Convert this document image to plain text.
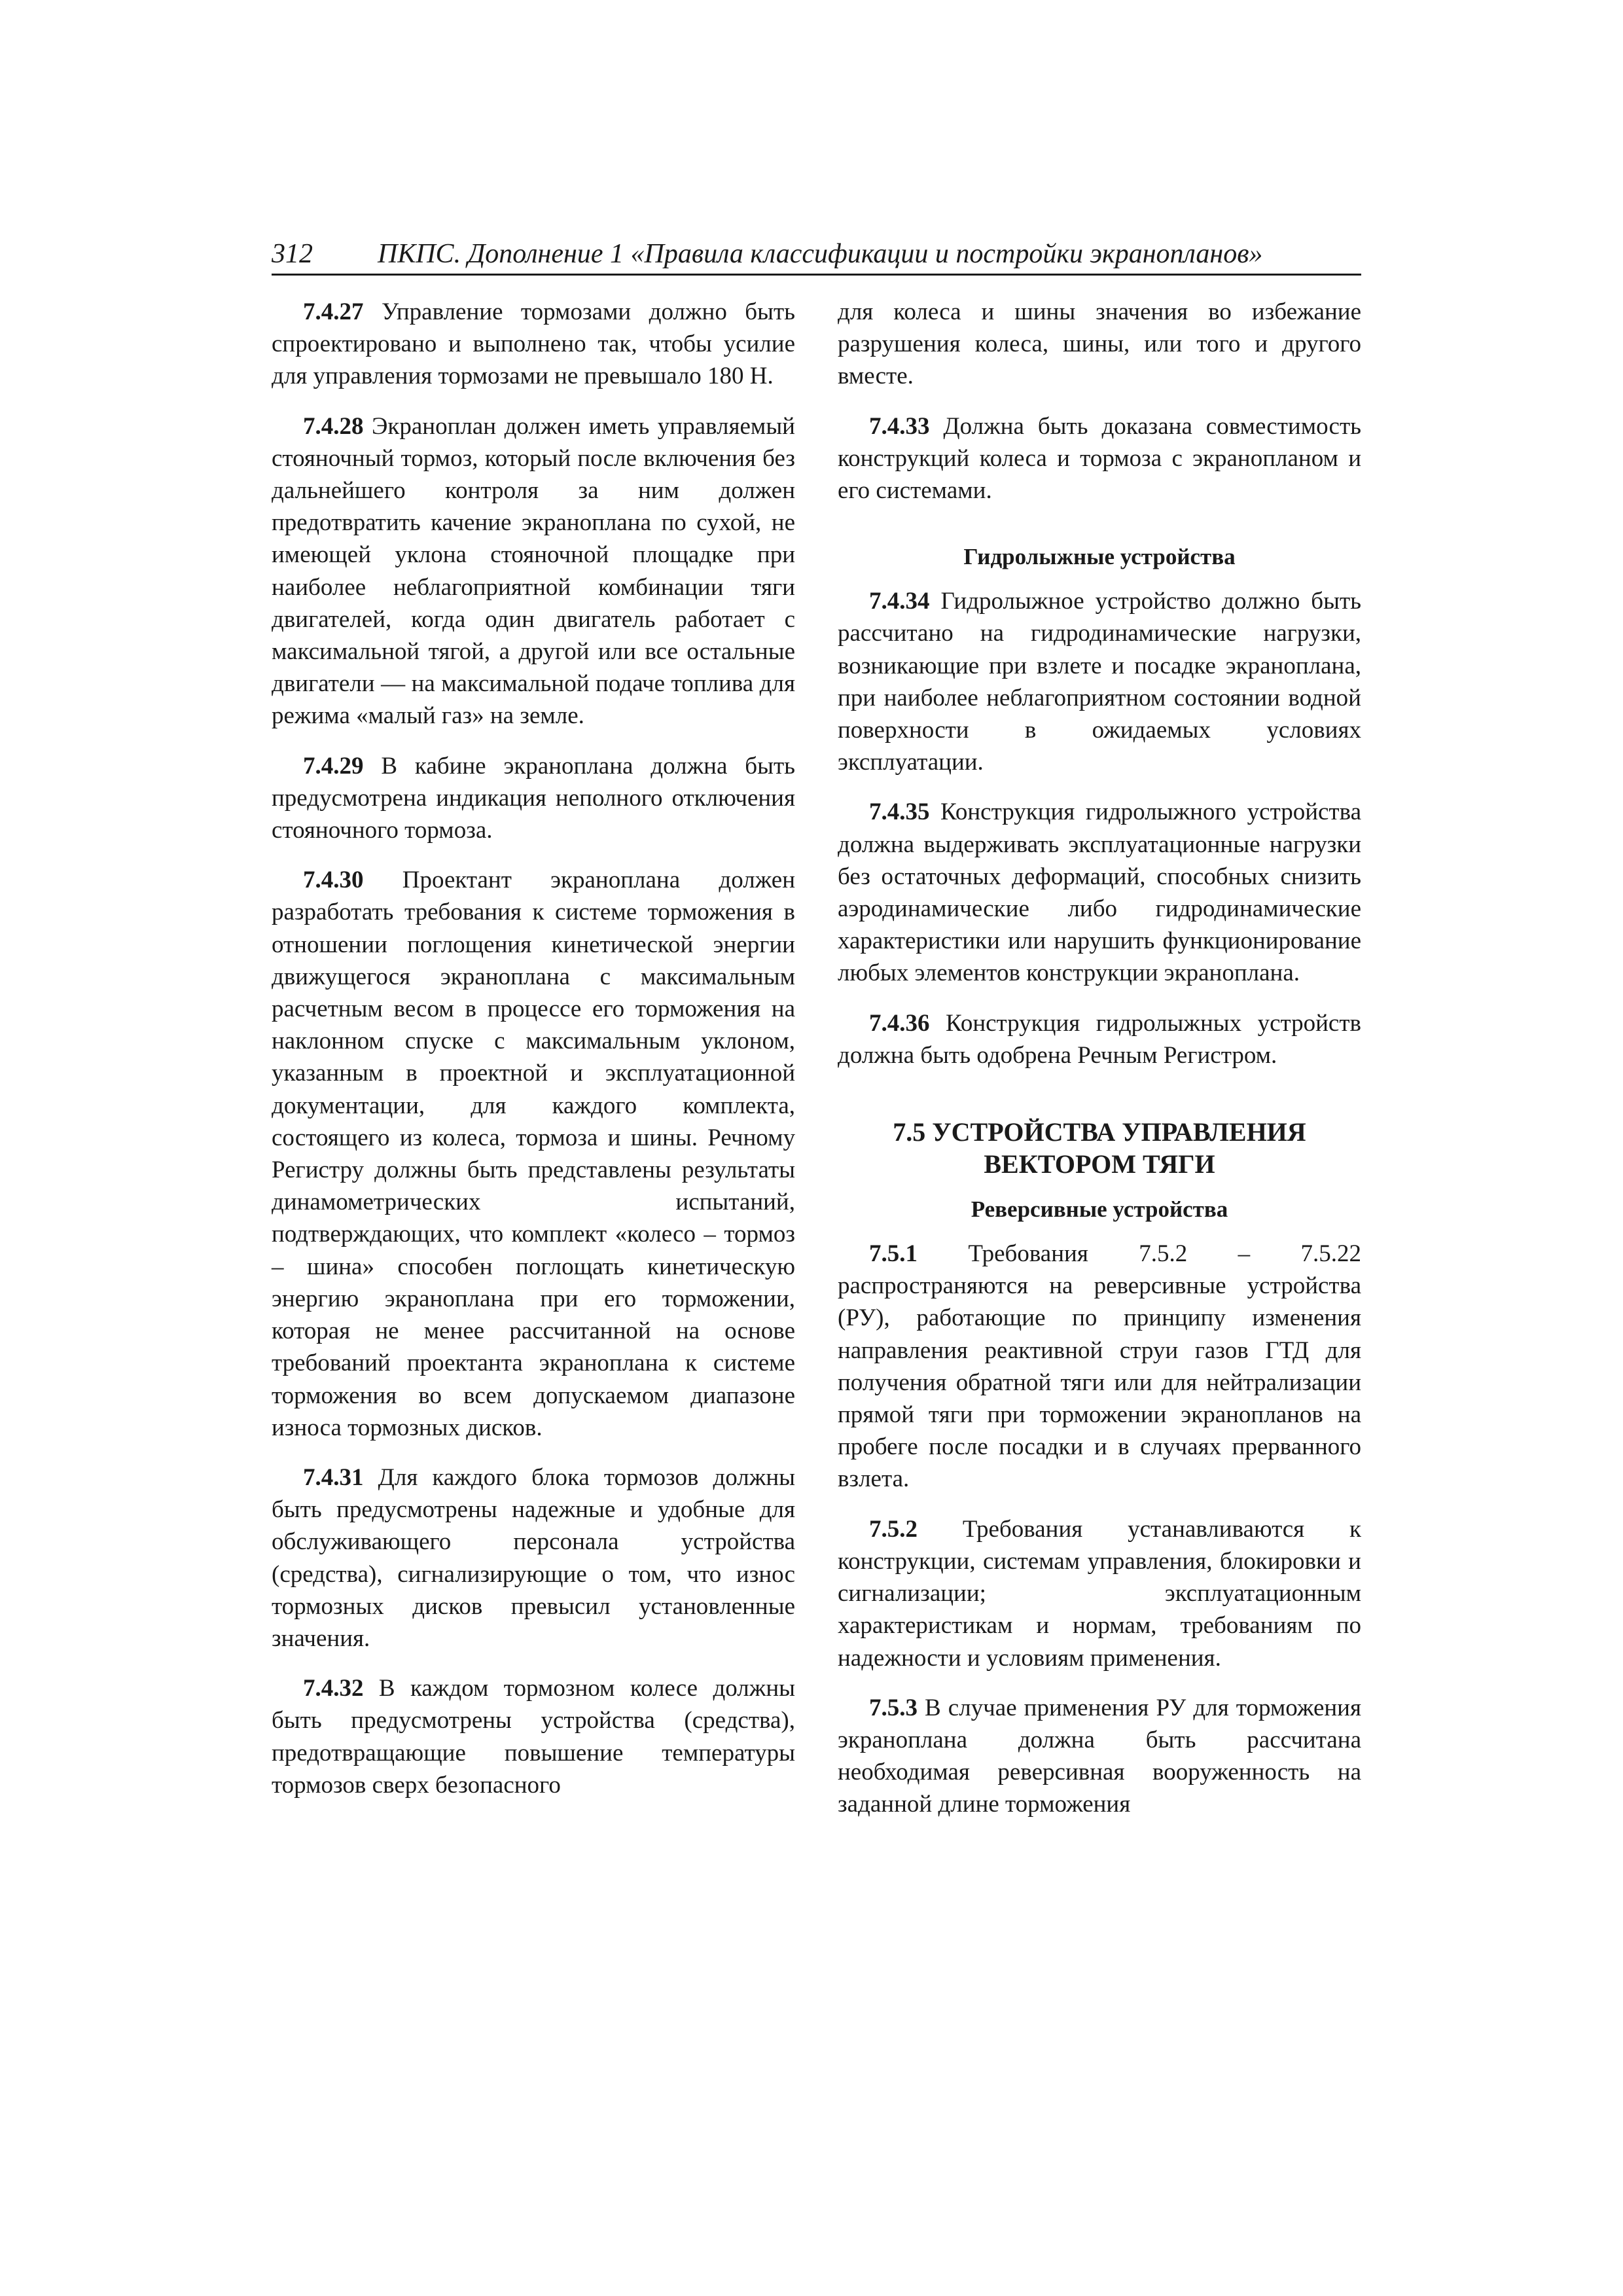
312 ПКПС. Дополнение 1 «Правила классификации и постройки экранопланов»

7.4.27 Управление тормозами должно быть спроектировано и выполнено так, чтобы усилие для управления тормозами не превышало 180 Н.

7.4.28 Экраноплан должен иметь управляемый стояночный тормоз, который после включения без дальнейшего контроля за ним должен предотвратить качение экраноплана по сухой, не имеющей уклона стояночной площадке при наиболее неблагоприятной комбинации тяги двигателей, когда один двигатель работает с максимальной тягой, а другой или все остальные двигатели — на максимальной подаче топлива для режима «малый газ» на земле.

7.4.29 В кабине экраноплана должна быть предусмотрена индикация неполного отключения стояночного тормоза.

7.4.30 Проектант экраноплана должен разработать требования к системе торможения в отношении поглощения кинетической энергии движущегося экраноплана с максимальным расчетным весом в процессе его торможения на наклонном спуске с максимальным уклоном, указанным в проектной и эксплуатационной документации, для каждого комплекта, состоящего из колеса, тормоза и шины. Речному Регистру должны быть представлены результаты динамометрических испытаний, подтверждающих, что комплект «колесо – тормоз – шина» способен поглощать кинетическую энергию экраноплана при его торможении, которая не менее рассчитанной на основе требований проектанта экраноплана к системе торможения во всем допускаемом диапазоне износа тормозных дисков.

7.4.31 Для каждого блока тормозов должны быть предусмотрены надежные и удобные для обслуживающего персонала устройства (средства), сигнализирующие о том, что износ тормозных дисков превысил установленные значения.

7.4.32 В каждом тормозном колесе должны быть предусмотрены устройства (средства), предотвращающие повышение температуры тормозов сверх безопасного

для колеса и шины значения во избежание разрушения колеса, шины, или того и другого вместе.

7.4.33 Должна быть доказана совместимость конструкций колеса и тормоза с экранопланом и его системами.

Гидролыжные устройства

7.4.34 Гидролыжное устройство должно быть рассчитано на гидродинамические нагрузки, возникающие при взлете и посадке экраноплана, при наиболее неблагоприятном состоянии водной поверхности в ожидаемых условиях эксплуатации.

7.4.35 Конструкция гидролыжного устройства должна выдерживать эксплуатационные нагрузки без остаточных деформаций, способных снизить аэродинамические либо гидродинамические характеристики или нарушить функционирование любых элементов конструкции экраноплана.

7.4.36 Конструкция гидролыжных устройств должна быть одобрена Речным Регистром.

7.5 УСТРОЙСТВА УПРАВЛЕНИЯ
ВЕКТОРОМ ТЯГИ
Реверсивные устройства

7.5.1 Требования 7.5.2 – 7.5.22 распространяются на реверсивные устройства (РУ), работающие по принципу изменения направления реактивной струи газов ГТД для получения обратной тяги или для нейтрализации прямой тяги при торможении экранопланов на пробеге после посадки и в случаях прерванного взлета.

7.5.2 Требования устанавливаются к конструкции, системам управления, блокировки и сигнализации; эксплуатационным характеристикам и нормам, требованиям по надежности и условиям применения.

7.5.3 В случае применения РУ для торможения экраноплана должна быть рассчитана необходимая реверсивная вооруженность на заданной длине торможения
